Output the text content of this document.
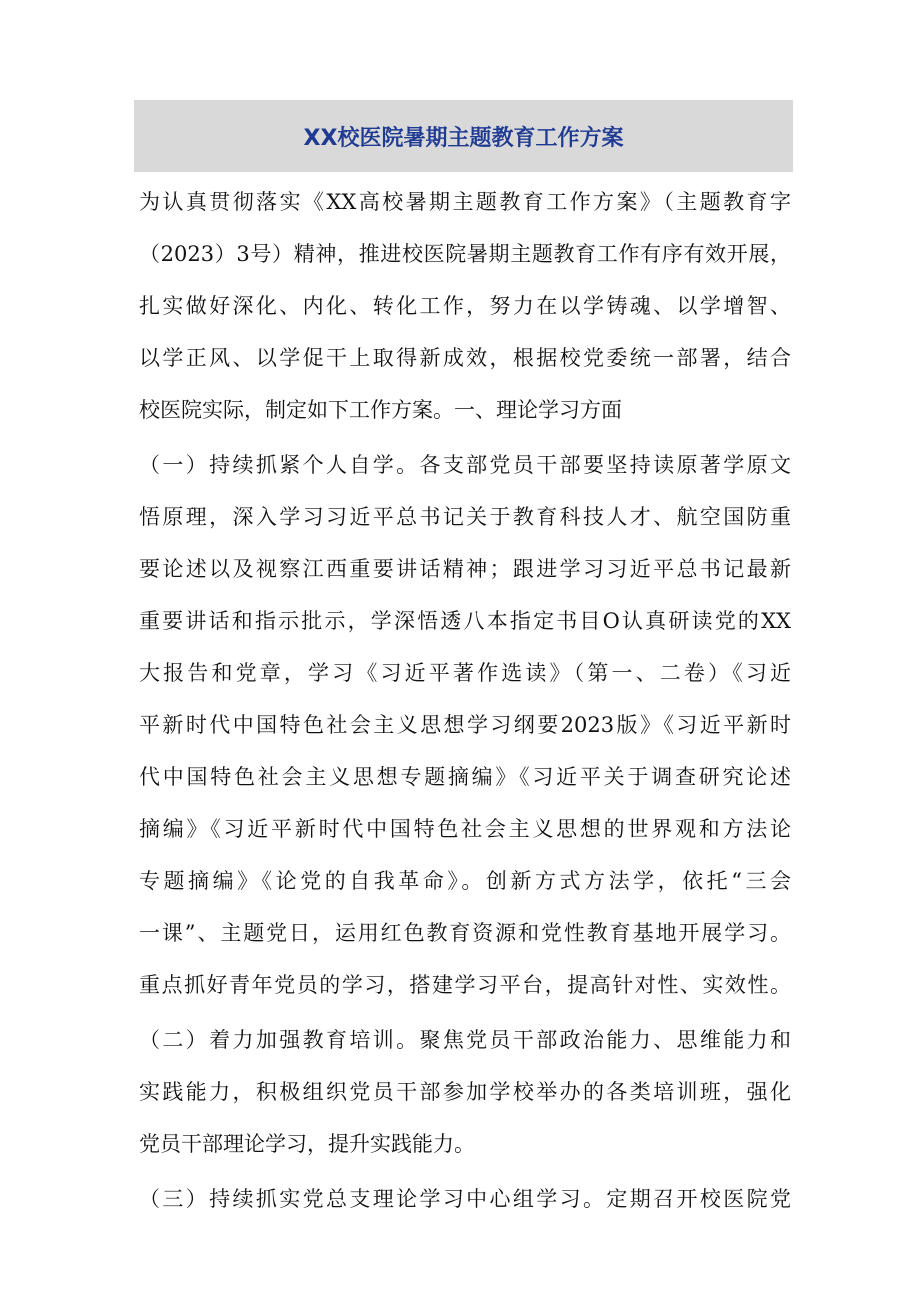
XX校医院暑期主题教育工作方案
为认真贯彻落实《XX高校暑期主题教育工作方案》（主题教育字
（2023）3号）精神，推进校医院暑期主题教育工作有序有效开展，
扎实做好深化、内化、转化工作，努力在以学铸魂、以学增智、
以学正风、以学促干上取得新成效，根据校党委统一部署，结合
校医院实际，制定如下工作方案。一、理论学习方面
（一）持续抓紧个人自学。各支部党员干部要坚持读原著学原文
悟原理，深入学习习近平总书记关于教育科技人才、航空国防重
要论述以及视察江西重要讲话精神；跟进学习习近平总书记最新
重要讲话和指示批示，学深悟透八本指定书目O认真研读党的XX
大报告和党章，学习《习近平著作选读》（第一、二卷）《习近
平新时代中国特色社会主义思想学习纲要2023版》《习近平新时
代中国特色社会主义思想专题摘编》《习近平关于调查研究论述
摘编》《习近平新时代中国特色社会主义思想的世界观和方法论
专题摘编》《论党的自我革命》。创新方式方法学，依托“三会
一课”、主题党日，运用红色教育资源和党性教育基地开展学习。
重点抓好青年党员的学习，搭建学习平台，提高针对性、实效性。
（二）着力加强教育培训。聚焦党员干部政治能力、思维能力和
实践能力，积极组织党员干部参加学校举办的各类培训班，强化
党员干部理论学习，提升实践能力。
（三）持续抓实党总支理论学习中心组学习。定期召开校医院党
